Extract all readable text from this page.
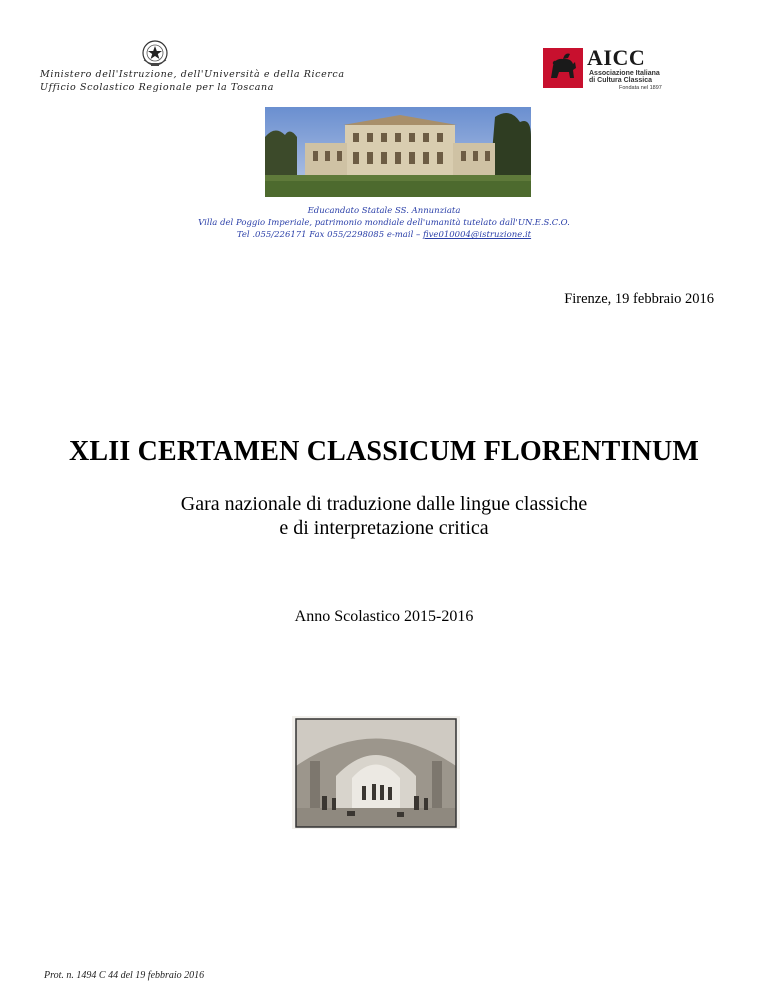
Ministero dell'Istruzione, dell'Università e della Ricerca
Ufficio Scolastico Regionale per la Toscana
AICC
Associazione Italiana
di Cultura Classica
Fondata nel 1897
Educandato Statale SS. Annunziata
Villa del Poggio Imperiale, patrimonio mondiale dell'umanità tutelato dall'UN.E.S.C.O.
Tel .055/226171 Fax 055/2298085 e-mail – five010004@istruzione.it
Firenze, 19 febbraio 2016
XLII CERTAMEN CLASSICUM FLORENTINUM
Gara nazionale di traduzione dalle lingue classiche
e di interpretazione critica
Anno Scolastico 2015-2016
Prot. n. 1494 C 44 del 19 febbraio 2016
